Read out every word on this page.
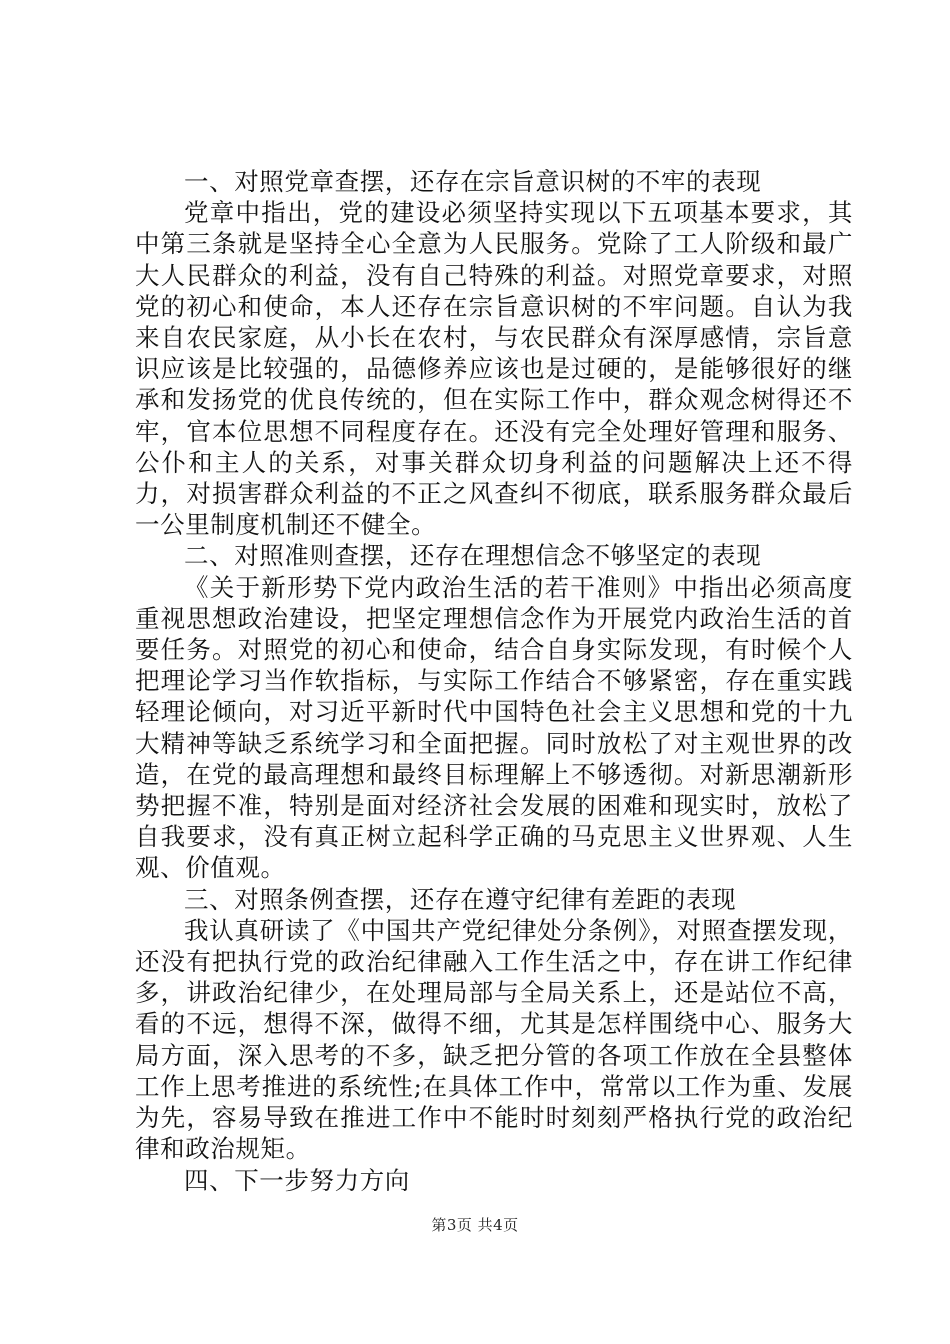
一、对照党章查摆，还存在宗旨意识树的不牢的表现

党章中指出，党的建设必须坚持实现以下五项基本要求，其中第三条就是坚持全心全意为人民服务。党除了工人阶级和最广大人民群众的利益，没有自己特殊的利益。对照党章要求，对照党的初心和使命，本人还存在宗旨意识树的不牢问题。自认为我来自农民家庭，从小长在农村，与农民群众有深厚感情，宗旨意识应该是比较强的，品德修养应该也是过硬的，是能够很好的继承和发扬党的优良传统的，但在实际工作中，群众观念树得还不牢，官本位思想不同程度存在。还没有完全处理好管理和服务、公仆和主人的关系，对事关群众切身利益的问题解决上还不得力，对损害群众利益的不正之风查纠不彻底，联系服务群众最后一公里制度机制还不健全。

二、对照准则查摆，还存在理想信念不够坚定的表现

《关于新形势下党内政治生活的若干准则》中指出必须高度重视思想政治建设，把坚定理想信念作为开展党内政治生活的首要任务。对照党的初心和使命，结合自身实际发现，有时候个人把理论学习当作软指标，与实际工作结合不够紧密，存在重实践轻理论倾向，对习近平新时代中国特色社会主义思想和党的十九大精神等缺乏系统学习和全面把握。同时放松了对主观世界的改造，在党的最高理想和最终目标理解上不够透彻。对新思潮新形势把握不准，特别是面对经济社会发展的困难和现实时，放松了自我要求，没有真正树立起科学正确的马克思主义世界观、人生观、价值观。

三、对照条例查摆，还存在遵守纪律有差距的表现

我认真研读了《中国共产党纪律处分条例》，对照查摆发现，还没有把执行党的政治纪律融入工作生活之中，存在讲工作纪律多，讲政治纪律少，在处理局部与全局关系上，还是站位不高，看的不远，想得不深，做得不细，尤其是怎样围绕中心、服务大局方面，深入思考的不多，缺乏把分管的各项工作放在全县整体工作上思考推进的系统性;在具体工作中，常常以工作为重、发展为先，容易导致在推进工作中不能时时刻刻严格执行党的政治纪律和政治规矩。

四、下一步努力方向

第3页 共4页
